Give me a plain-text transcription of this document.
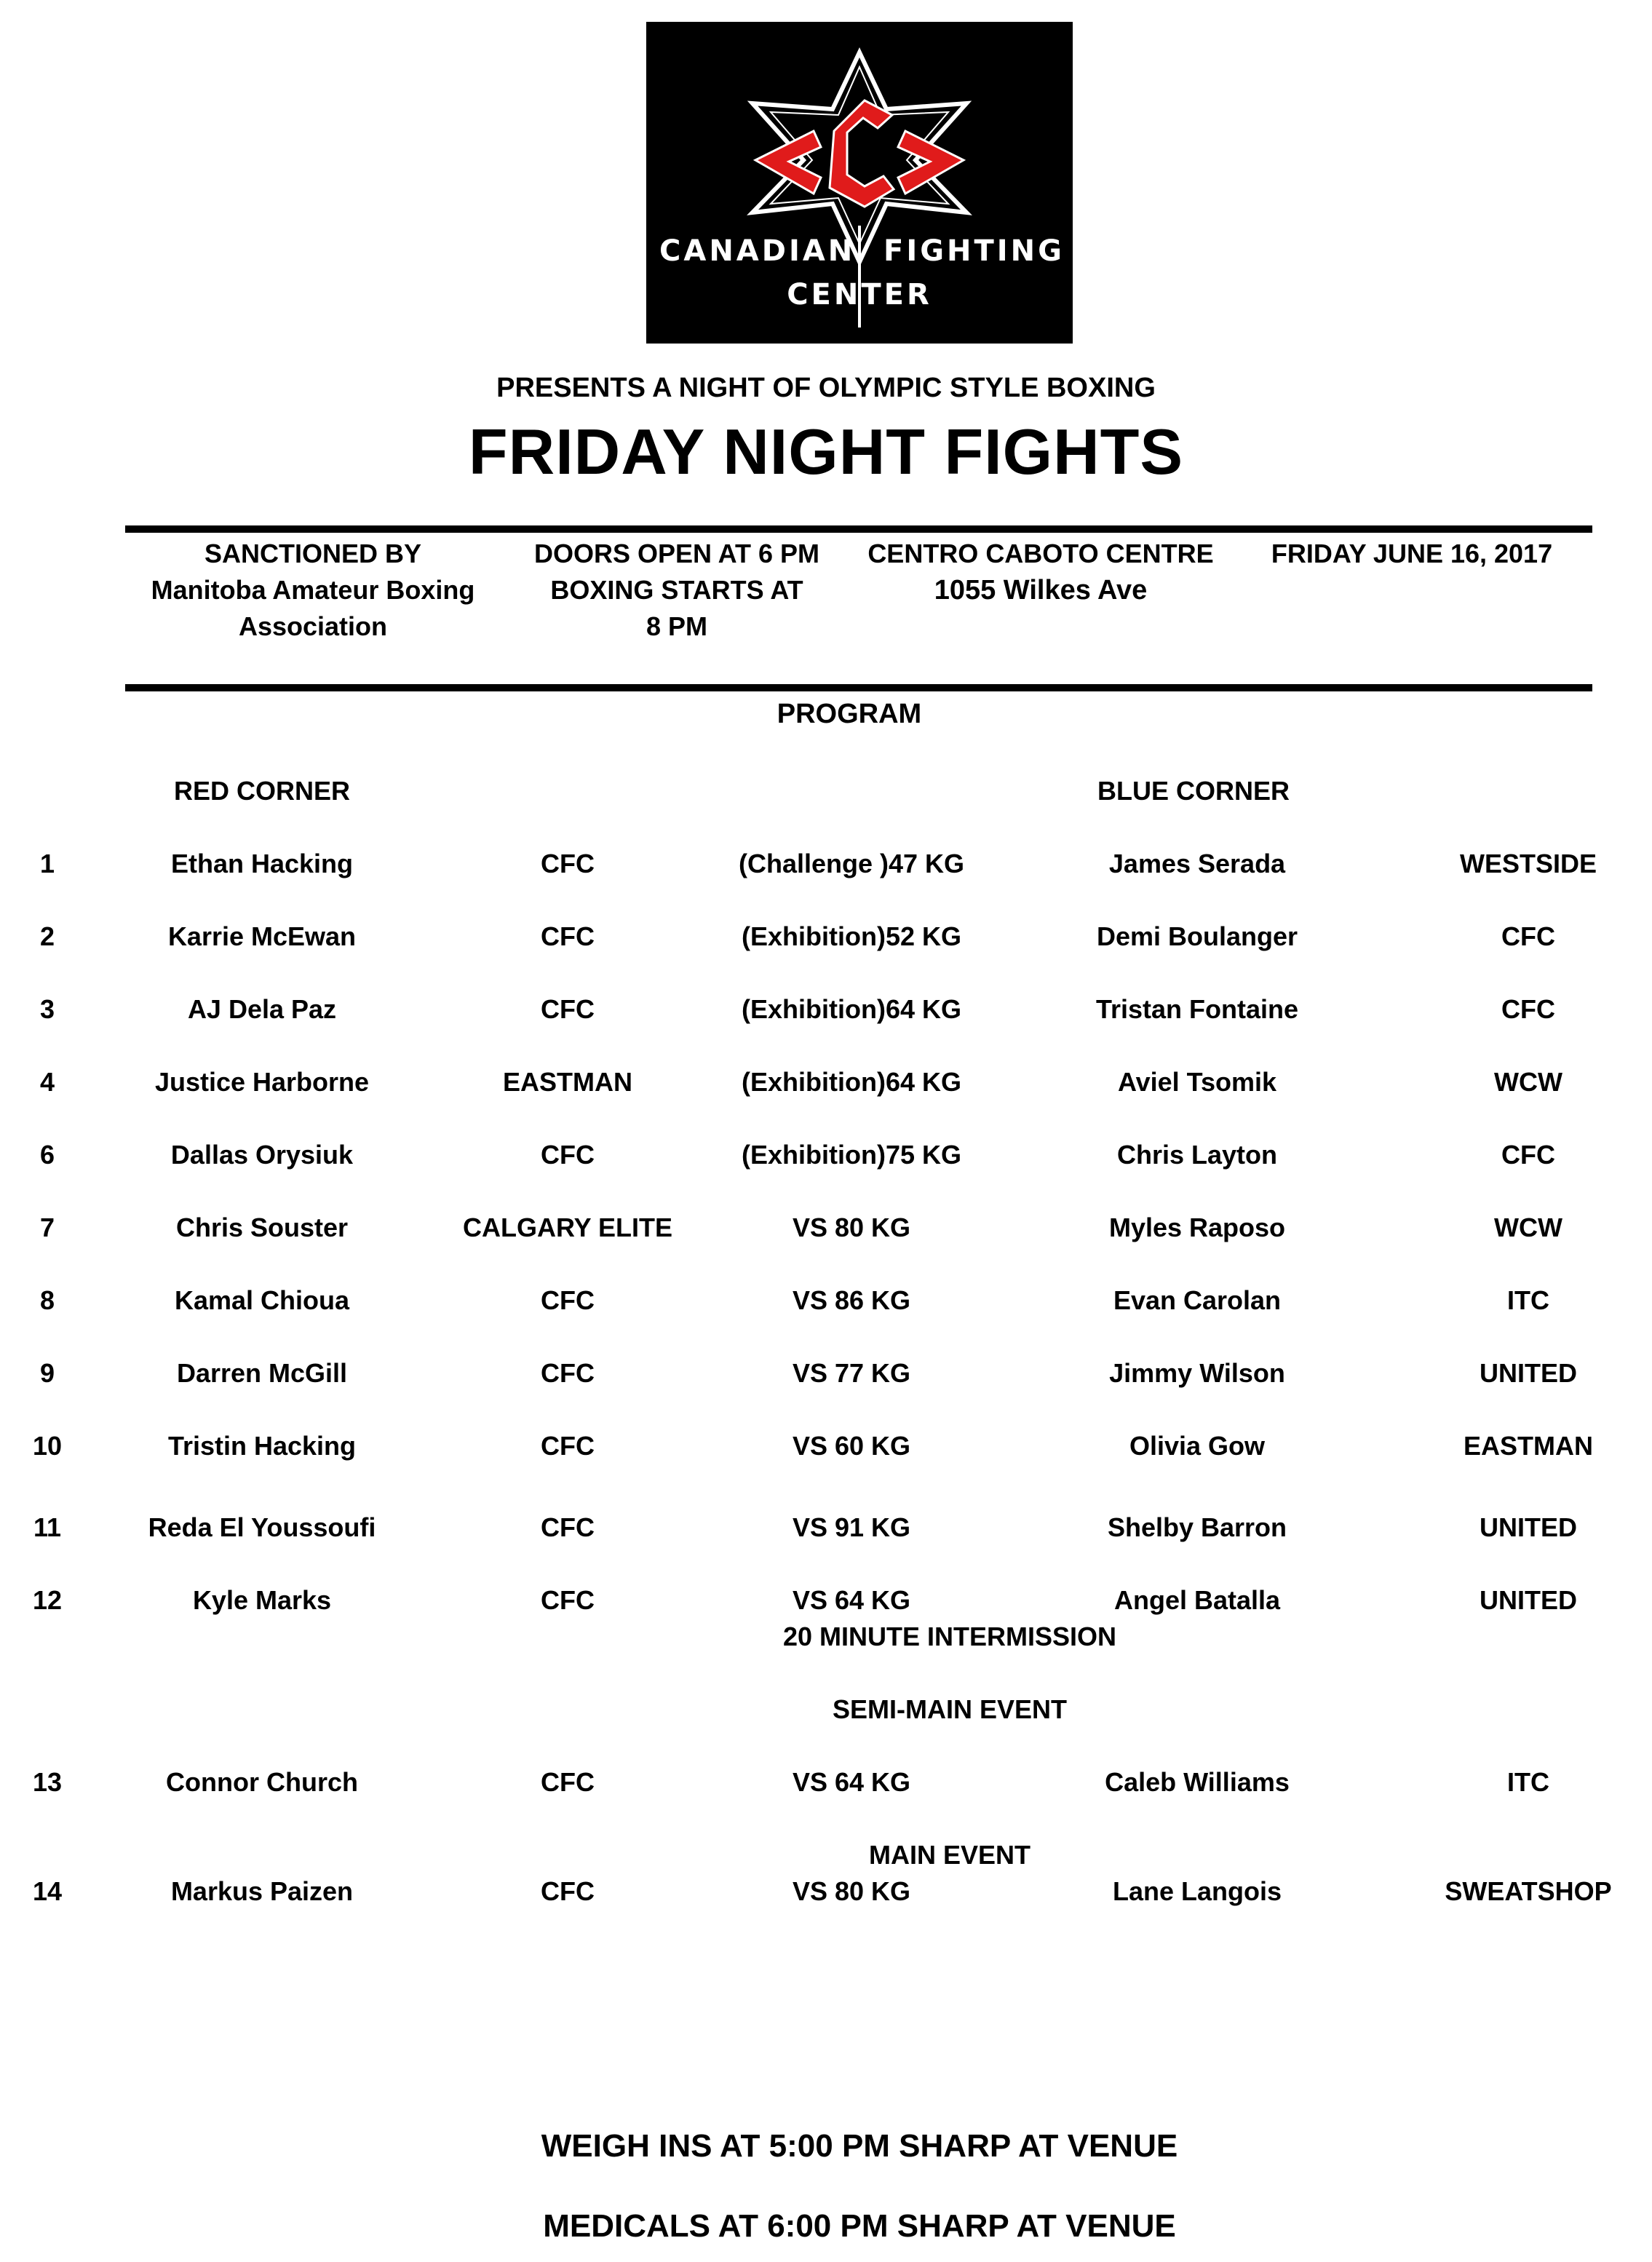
CANADIAN FIGHTING
CENTER
PRESENTS A NIGHT OF OLYMPIC STYLE BOXING
FRIDAY NIGHT FIGHTS
SANCTIONED BY
Manitoba Amateur Boxing
Association
DOORS OPEN AT 6 PM
BOXING STARTS AT
8 PM
CENTRO CABOTO CENTRE
1055 Wilkes Ave
FRIDAY JUNE 16, 2017
PROGRAM
RED CORNER	BLUE CORNER
1	Ethan Hacking	CFC	(Challenge )47 KG	James Serada	WESTSIDE
2	Karrie McEwan	CFC	(Exhibition)52 KG	Demi Boulanger	CFC
3	AJ Dela Paz	CFC	(Exhibition)64 KG	Tristan Fontaine	CFC
4	Justice Harborne	EASTMAN	(Exhibition)64 KG	Aviel Tsomik	WCW
6	Dallas Orysiuk	CFC	(Exhibition)75 KG	Chris Layton	CFC
7	Chris Souster	CALGARY ELITE	VS 80 KG	Myles Raposo	WCW
8	Kamal Chioua	CFC	VS 86 KG	Evan Carolan	ITC
9	Darren McGill	CFC	VS 77 KG	Jimmy Wilson	UNITED
10	Tristin Hacking	CFC	VS 60 KG	Olivia Gow	EASTMAN
11	Reda El Youssoufi	CFC	VS 91 KG	Shelby Barron	UNITED
12	Kyle Marks	CFC	VS 64 KG	Angel Batalla	UNITED
20 MINUTE INTERMISSION
SEMI-MAIN EVENT
13	Connor Church	CFC	VS 64 KG	Caleb Williams	ITC
MAIN EVENT
14	Markus Paizen	CFC	VS 80 KG	Lane Langois	SWEATSHOP
WEIGH INS AT 5:00 PM SHARP AT VENUE
MEDICALS AT 6:00 PM SHARP AT VENUE
